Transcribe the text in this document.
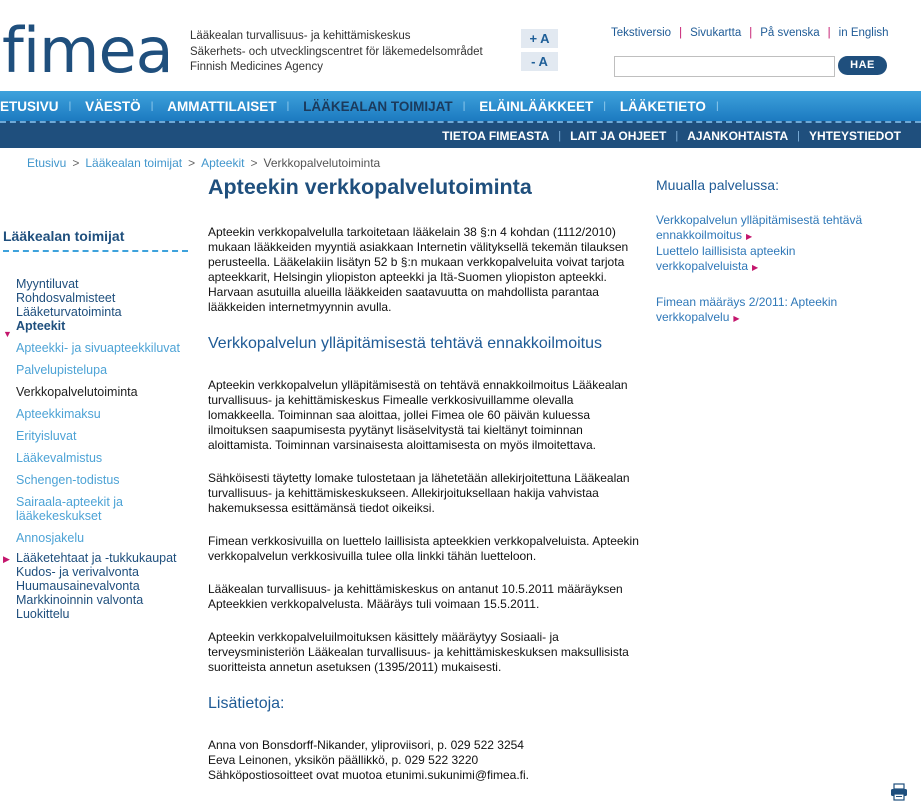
fimea Lääkealan turvallisuus- ja kehittämiskeskus
Säkerhets- och utvecklingscentret för läkemedelsområdet
Finnish Medicines Agency
+ A
- A
Tekstiversio | Sivukartta | På svenska | in English
HAE
ETUSIVU | VÄESTÖ | AMMATTILAISET | LÄÄKEALAN TOIMIJAT | ELÄINLÄÄKKEET | LÄÄKETIETO |
TIETOA FIMEASTA | LAIT JA OHJEET | AJANKOHTAISTA | YHTEYSTIEDOT
Etusivu > Lääkealan toimijat > Apteekit > Verkkopalvelutoiminta
Lääkealan toimijat
Myyntiluvat
Rohdosvalmisteet
Lääketurvatoiminta
▼
Apteekit
Apteekki- ja sivuapteekkiluvat
Palvelupistelupa
Verkkopalvelutoiminta
Apteekkimaksu
Erityisluvat
Lääkevalmistus
Schengen-todistus
Sairaala-apteekit ja lääkekeskukset
Annosjakelu
▶ Lääketehtaat ja -tukkukaupat
Kudos- ja verivalvonta
Huumausainevalvonta
Markkinoinnin valvonta
Luokittelu
Apteekin verkkopalvelutoiminta

Apteekin verkkopalvelulla tarkoitetaan lääkelain 38 §:n 4 kohdan (1112/2010) mukaan lääkkeiden myyntiä asiakkaan Internetin välityksellä tekemän tilauksen perusteella. Lääkelakiin lisätyn 52 b §:n mukaan verkkopalveluita voivat tarjota apteekkarit, Helsingin yliopiston apteekki ja Itä-Suomen yliopiston apteekki. Harvaan asutuilla alueilla lääkkeiden saatavuutta on mahdollista parantaa lääkkeiden internetmyynnin avulla.

Verkkopalvelun ylläpitämisestä tehtävä ennakkoilmoitus

Apteekin verkkopalvelun ylläpitämisestä on tehtävä ennakkoilmoitus Lääkealan turvallisuus- ja kehittämiskeskus Fimealle verkkosivuillamme olevalla lomakkeella. Toiminnan saa aloittaa, jollei Fimea ole 60 päivän kuluessa ilmoituksen saapumisesta pyytänyt lisäselvitystä tai kieltänyt toiminnan aloittamista. Toiminnan varsinaisesta aloittamisesta on myös ilmoitettava.

Sähköisesti täytetty lomake tulostetaan ja lähetetään allekirjoitettuna Lääkealan turvallisuus- ja kehittämiskeskukseen. Allekirjoituksellaan hakija vahvistaa hakemuksessa esittämänsä tiedot oikeiksi.

Fimean verkkosivuilla on luettelo laillisista apteekkien verkkopalveluista. Apteekin verkkopalvelun verkkosivuilla tulee olla linkki tähän luetteloon.

Lääkealan turvallisuus- ja kehittämiskeskus on antanut 10.5.2011 määräyksen Apteekkien verkkopalvelusta. Määräys tuli voimaan 15.5.2011.

Apteekin verkkopalveluilmoituksen käsittely määräytyy Sosiaali- ja terveysministeriön Lääkealan turvallisuus- ja kehittämiskeskuksen maksullisista suoritteista annetun asetuksen (1395/2011) mukaisesti.

Lisätietoja:
Anna von Bonsdorff-Nikander, yliproviisori, p. 029 522 3254
Eeva Leinonen, yksikön päällikkö, p. 029 522 3220
Sähköpostiosoitteet ovat muotoa etunimi.sukunimi@fimea.fi.
Muualla palvelussa:
Verkkopalvelun ylläpitämisestä tehtävä ennakkoilmoitus ▶
Luettelo laillisista apteekin verkkopalveluista ▶
Fimean määräys 2/2011: Apteekin verkkopalvelu ▶
